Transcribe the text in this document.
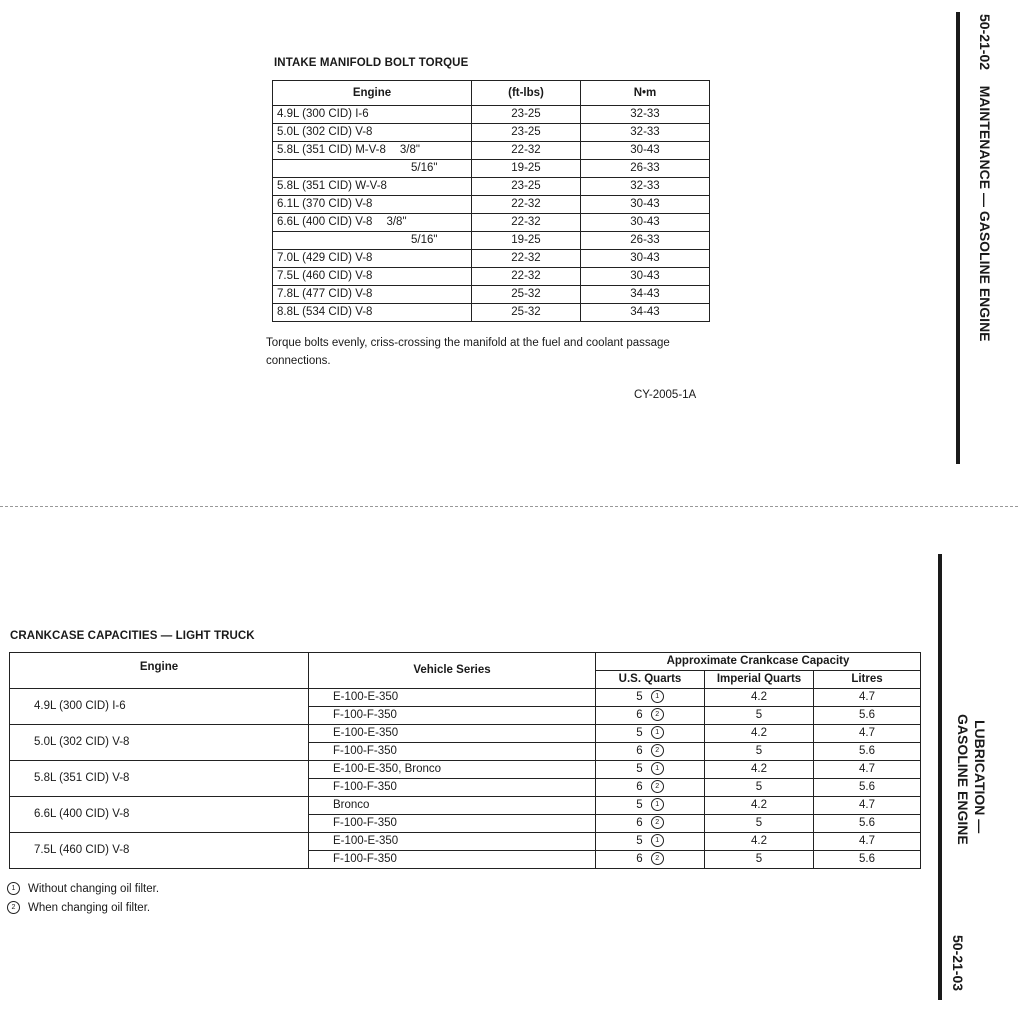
INTAKE MANIFOLD BOLT TORQUE
Engine	(ft-lbs)	N•m
4.9L (300 CID) I-6	23-25	32-33
5.0L (302 CID) V-8	23-25	32-33
5.8L (351 CID) M-V-8 3/8"	22-32	30-43
5/16"	19-25	26-33
5.8L (351 CID) W-V-8	23-25	32-33
6.1L (370 CID) V-8	22-32	30-43
6.6L (400 CID) V-8 3/8"	22-32	30-43
5/16"	19-25	26-33
7.0L (429 CID) V-8	22-32	30-43
7.5L (460 CID) V-8	22-32	30-43
7.8L (477 CID) V-8	25-32	34-43
8.8L (534 CID) V-8	25-32	34-43
Torque bolts evenly, criss-crossing the manifold at the fuel and coolant passage connections.
CY-2005-1A
50-21-02    MAINTENANCE — GASOLINE ENGINE
CRANKCASE CAPACITIES — LIGHT TRUCK
Engine	Vehicle Series	Approximate Crankcase Capacity		
		U.S. Quarts	Imperial Quarts	Litres
4.9L (300 CID) I-6	E-100-E-350	5 1	4.2	4.7
	F-100-F-350	6 2	5	5.6
5.0L (302 CID) V-8	E-100-E-350	5 1	4.2	4.7
	F-100-F-350	6 2	5	5.6
5.8L (351 CID) V-8	E-100-E-350, Bronco	5 1	4.2	4.7
	F-100-F-350	6 2	5	5.6
6.6L (400 CID) V-8	Bronco	5 1	4.2	4.7
	F-100-F-350	6 2	5	5.6
7.5L (460 CID) V-8	E-100-E-350	5 1	4.2	4.7
	F-100-F-350	6 2	5	5.6
1 Without changing oil filter.
2 When changing oil filter.
LUBRICATION —
GASOLINE ENGINE
50-21-03
